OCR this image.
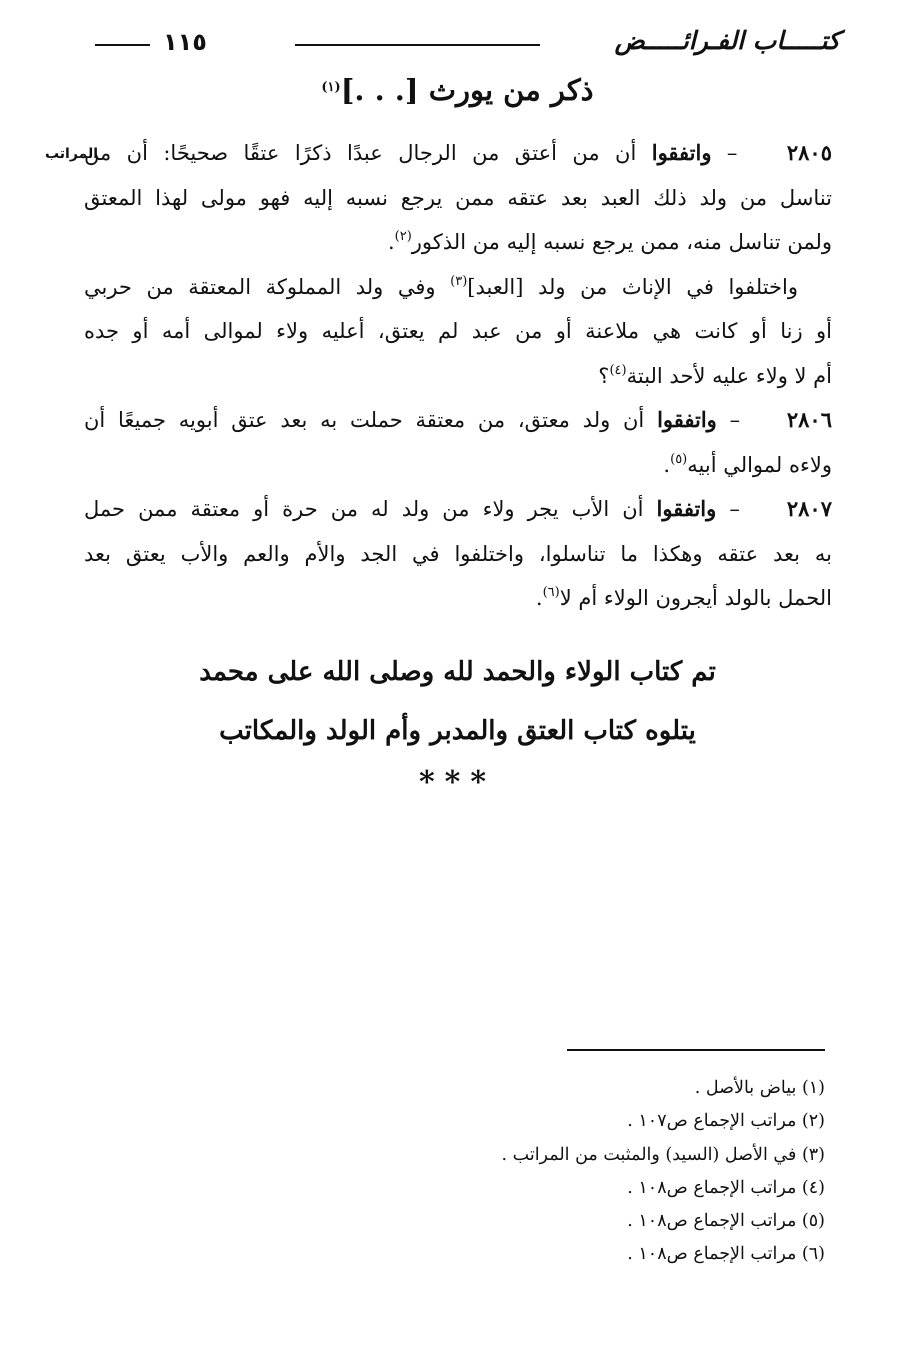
كتـــــاب الفـرائـــــض
١١٥
ذكر من يورث [. . .]$^{(١)}$
المراتب	٢٨٠٥ – واتفقوا أن من أعتق من الرجال عبدًا ذكرًا عتقًا صحيحًا: أن من
تناسل من ولد ذلك العبد بعد عتقه ممن يرجع نسبه إليه فهو مولى لهذا المعتق
ولمن تناسل منه، ممن يرجع نسبه إليه من الذكور$^{(٢)}$.
واختلفوا في الإناث من ولد [العبد]$^{(٣)}$ وفي ولد المملوكة المعتقة من حربي
أو زنا أو كانت هي ملاعنة أو من عبد لم يعتق، أعليه ولاء لموالى أمه أو جده
أم لا ولاء عليه لأحد البتة$^{(٤)}$؟
٢٨٠٦ – واتفقوا أن ولد معتق، من معتقة حملت به بعد عتق أبويه جميعًا أن
ولاءه لموالي أبيه$^{(٥)}$.
٢٨٠٧ – واتفقوا أن الأب يجر ولاء من ولد له من حرة أو معتقة ممن حمل
به بعد عتقه وهكذا ما تناسلوا، واختلفوا في الجد والأم والعم والأب يعتق بعد
الحمل بالولد أيجرون الولاء أم لا$^{(٦)}$.
تم كتاب الولاء والحمد لله وصلى الله على محمد
يتلوه كتاب العتق والمدبر وأم الولد والمكاتب
***
(١) بياض بالأصل .
(٢) مراتب الإجماع ص١٠٧ .
(٣) في الأصل (السيد) والمثبت من المراتب .
(٤) مراتب الإجماع ص١٠٨ .
(٥) مراتب الإجماع ص١٠٨ .
(٦) مراتب الإجماع ص١٠٨ .
